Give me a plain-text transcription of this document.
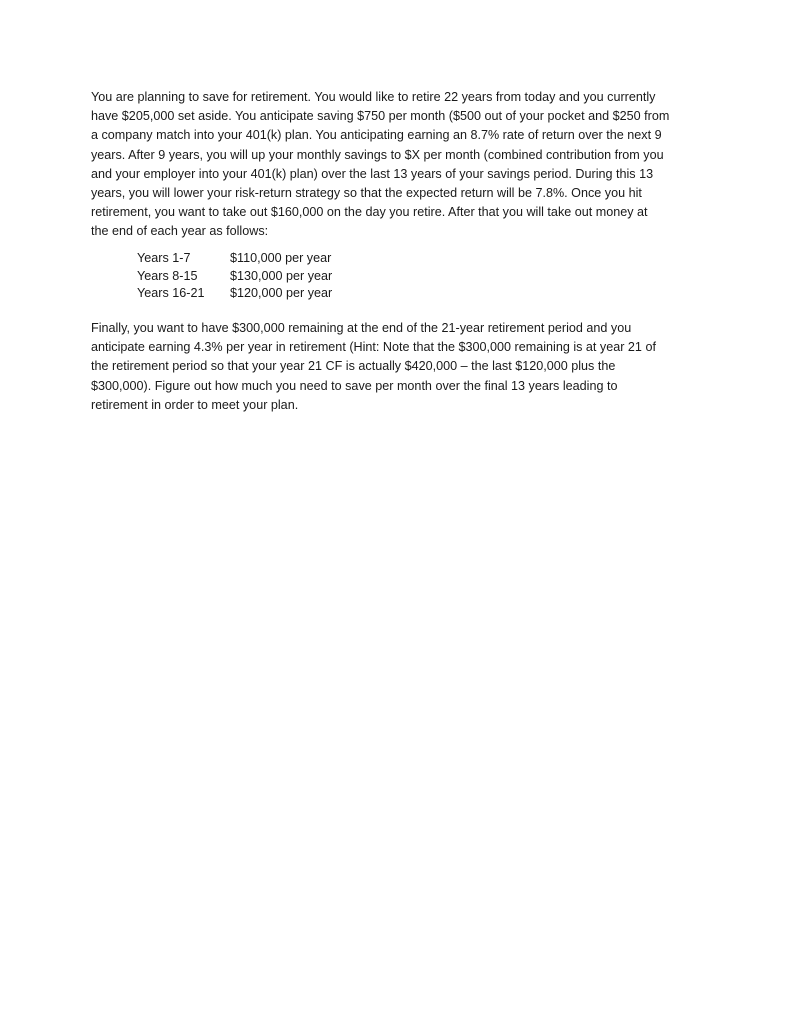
You are planning to save for retirement. You would like to retire 22 years from today and you currently
have $205,000 set aside. You anticipate saving $750 per month ($500 out of your pocket and $250 from
a company match into your 401(k) plan. You anticipating earning an 8.7% rate of return over the next 9
years. After 9 years, you will up your monthly savings to $X per month (combined contribution from you
and your employer into your 401(k) plan) over the last 13 years of your savings period. During this 13
years, you will lower your risk-return strategy so that the expected return will be 7.8%. Once you hit
retirement, you want to take out $160,000 on the day you retire. After that you will take out money at
the end of each year as follows:
Years 1-7	$110,000 per year
Years 8-15	$130,000 per year
Years 16-21	$120,000 per year
Finally, you want to have $300,000 remaining at the end of the 21-year retirement period and you
anticipate earning 4.3% per year in retirement (Hint: Note that the $300,000 remaining is at year 21 of
the retirement period so that your year 21 CF is actually $420,000 – the last $120,000 plus the
$300,000). Figure out how much you need to save per month over the final 13 years leading to
retirement in order to meet your plan.
